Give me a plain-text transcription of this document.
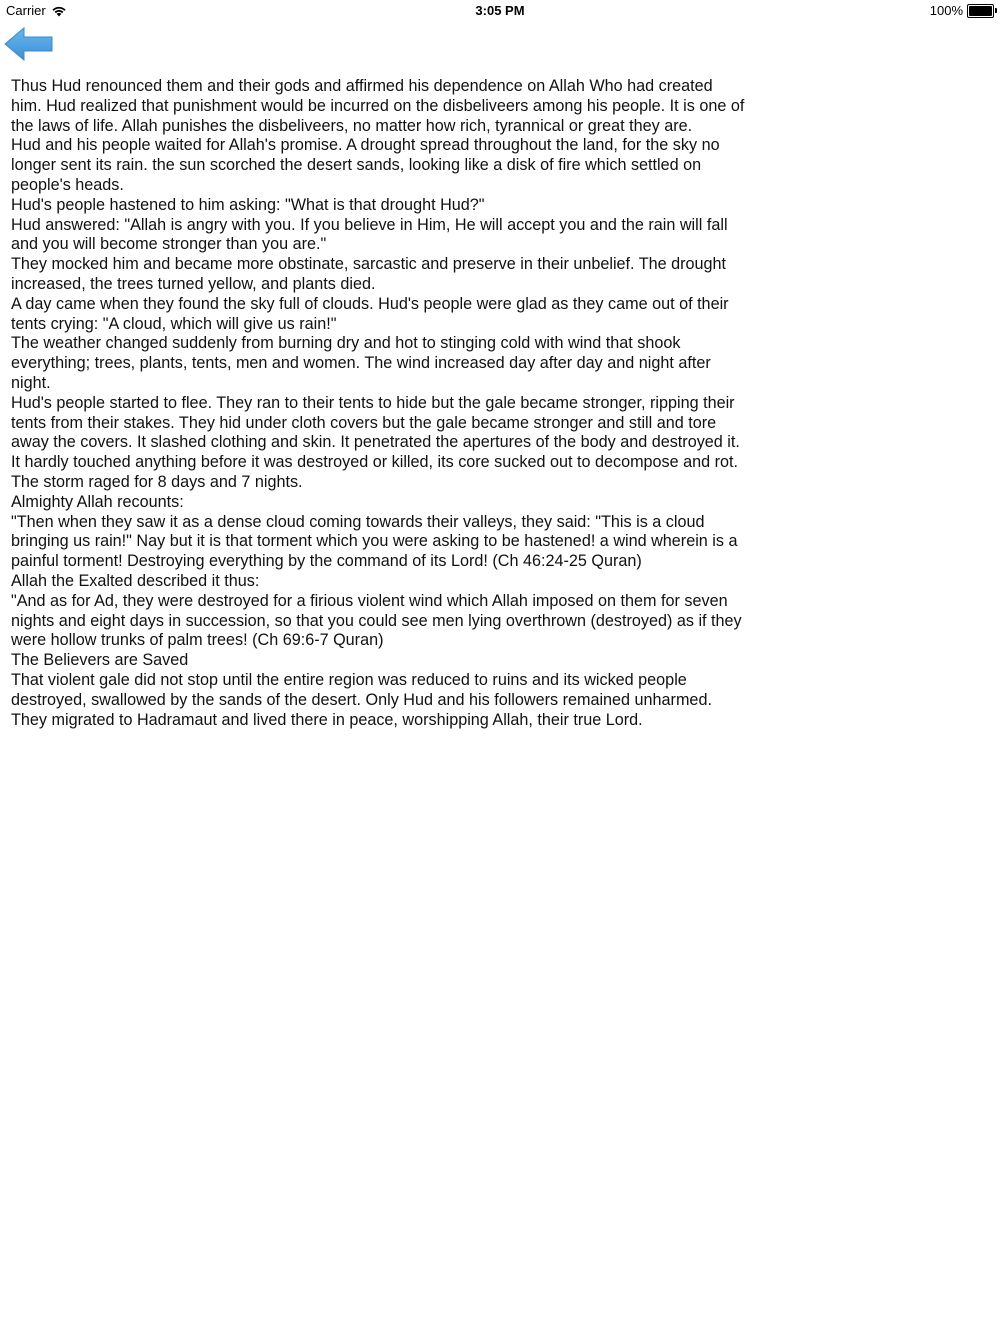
Carrier	3:05 PM	100%

Thus Hud renounced them and their gods and affirmed his dependence on Allah Who had created him. Hud realized that punishment would be incurred on the disbeliveers among his people. It is one of the laws of life. Allah punishes the disbeliveers, no matter how rich, tyrannical or great they are.

Hud and his people waited for Allah's promise. A drought spread throughout the land, for the sky no longer sent its rain. the sun scorched the desert sands, looking like a disk of fire which settled on people's heads.

Hud's people hastened to him asking: "What is that drought Hud?"

Hud answered: "Allah is angry with you. If you believe in Him, He will accept you and the rain will fall and you will become stronger than you are."

They mocked him and became more obstinate, sarcastic and preserve in their unbelief. The drought increased, the trees turned yellow, and plants died.

A day came when they found the sky full of clouds. Hud's people were glad as they came out of their tents crying: "A cloud, which will give us rain!"

The weather changed suddenly from burning dry and hot to stinging cold with wind that shook everything; trees, plants, tents, men and women. The wind increased day after day and night after night.

Hud's people started to flee. They ran to their tents to hide but the gale became stronger, ripping their tents from their stakes. They hid under cloth covers but the gale became stronger and still and tore away the covers. It slashed clothing and skin. It penetrated the apertures of the body and destroyed it. It hardly touched anything before it was destroyed or killed, its core sucked out to decompose and rot. The storm raged for 8 days and 7 nights.

Almighty Allah recounts:

"Then when they saw it as a dense cloud coming towards their valleys, they said: "This is a cloud bringing us rain!" Nay but it is that torment which you were asking to be hastened! a wind wherein is a painful torment! Destroying everything by the command of its Lord! (Ch 46:24-25 Quran)

Allah the Exalted described it thus:

"And as for Ad, they were destroyed for a firious violent wind which Allah imposed on them for seven nights and eight days in succession, so that you could see men lying overthrown (destroyed) as if they were hollow trunks of palm trees! (Ch 69:6-7 Quran)

The Believers are Saved

That violent gale did not stop until the entire region was reduced to ruins and its wicked people destroyed, swallowed by the sands of the desert. Only Hud and his followers remained unharmed. They migrated to Hadramaut and lived there in peace, worshipping Allah, their true Lord.
